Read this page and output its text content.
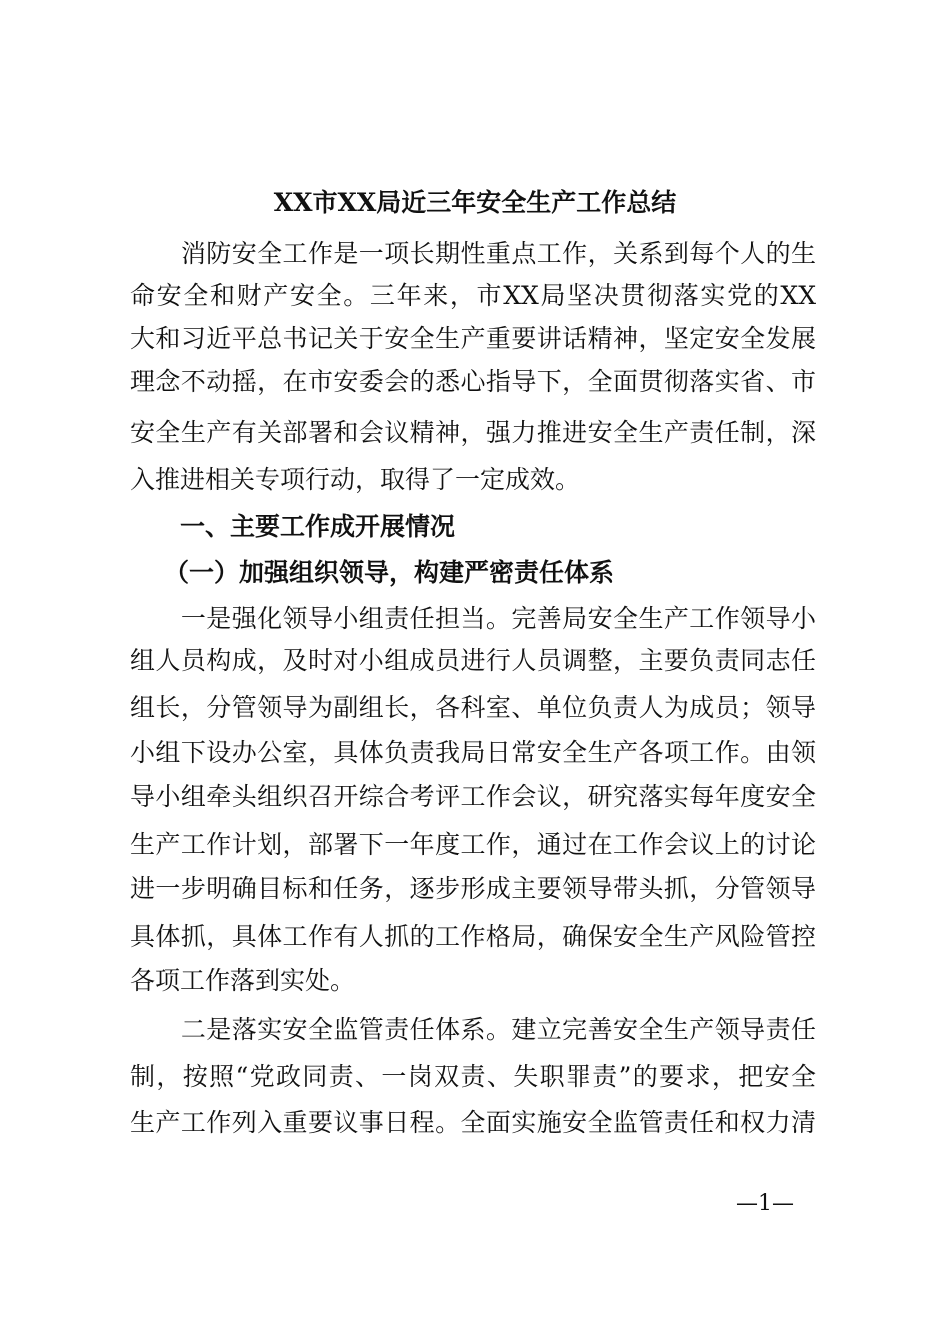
XX市XX局近三年安全生产工作总结
　　消防安全工作是一项长期性重点工作，关系到每个人的生
命安全和财产安全。三年来，市XX局坚决贯彻落实党的XX
大和习近平总书记关于安全生产重要讲话精神，坚定安全发展
理念不动摇，在市安委会的悉心指导下，全面贯彻落实省、市
安全生产有关部署和会议精神，强力推进安全生产责任制，深
入推进相关专项行动，取得了一定成效。
一、主要工作成开展情况
（一）加强组织领导，构建严密责任体系
　　一是强化领导小组责任担当。完善局安全生产工作领导小
组人员构成，及时对小组成员进行人员调整，主要负责同志任
组长，分管领导为副组长，各科室、单位负责人为成员；领导
小组下设办公室，具体负责我局日常安全生产各项工作。由领
导小组牵头组织召开综合考评工作会议，研究落实每年度安全
生产工作计划，部署下一年度工作，通过在工作会议上的讨论
进一步明确目标和任务，逐步形成主要领导带头抓，分管领导
具体抓，具体工作有人抓的工作格局，确保安全生产风险管控
各项工作落到实处。
　　二是落实安全监管责任体系。建立完善安全生产领导责任
制，按照“党政同责、一岗双责、失职罪责”的要求，把安全
生产工作列入重要议事日程。全面实施安全监管责任和权力清
—1—
